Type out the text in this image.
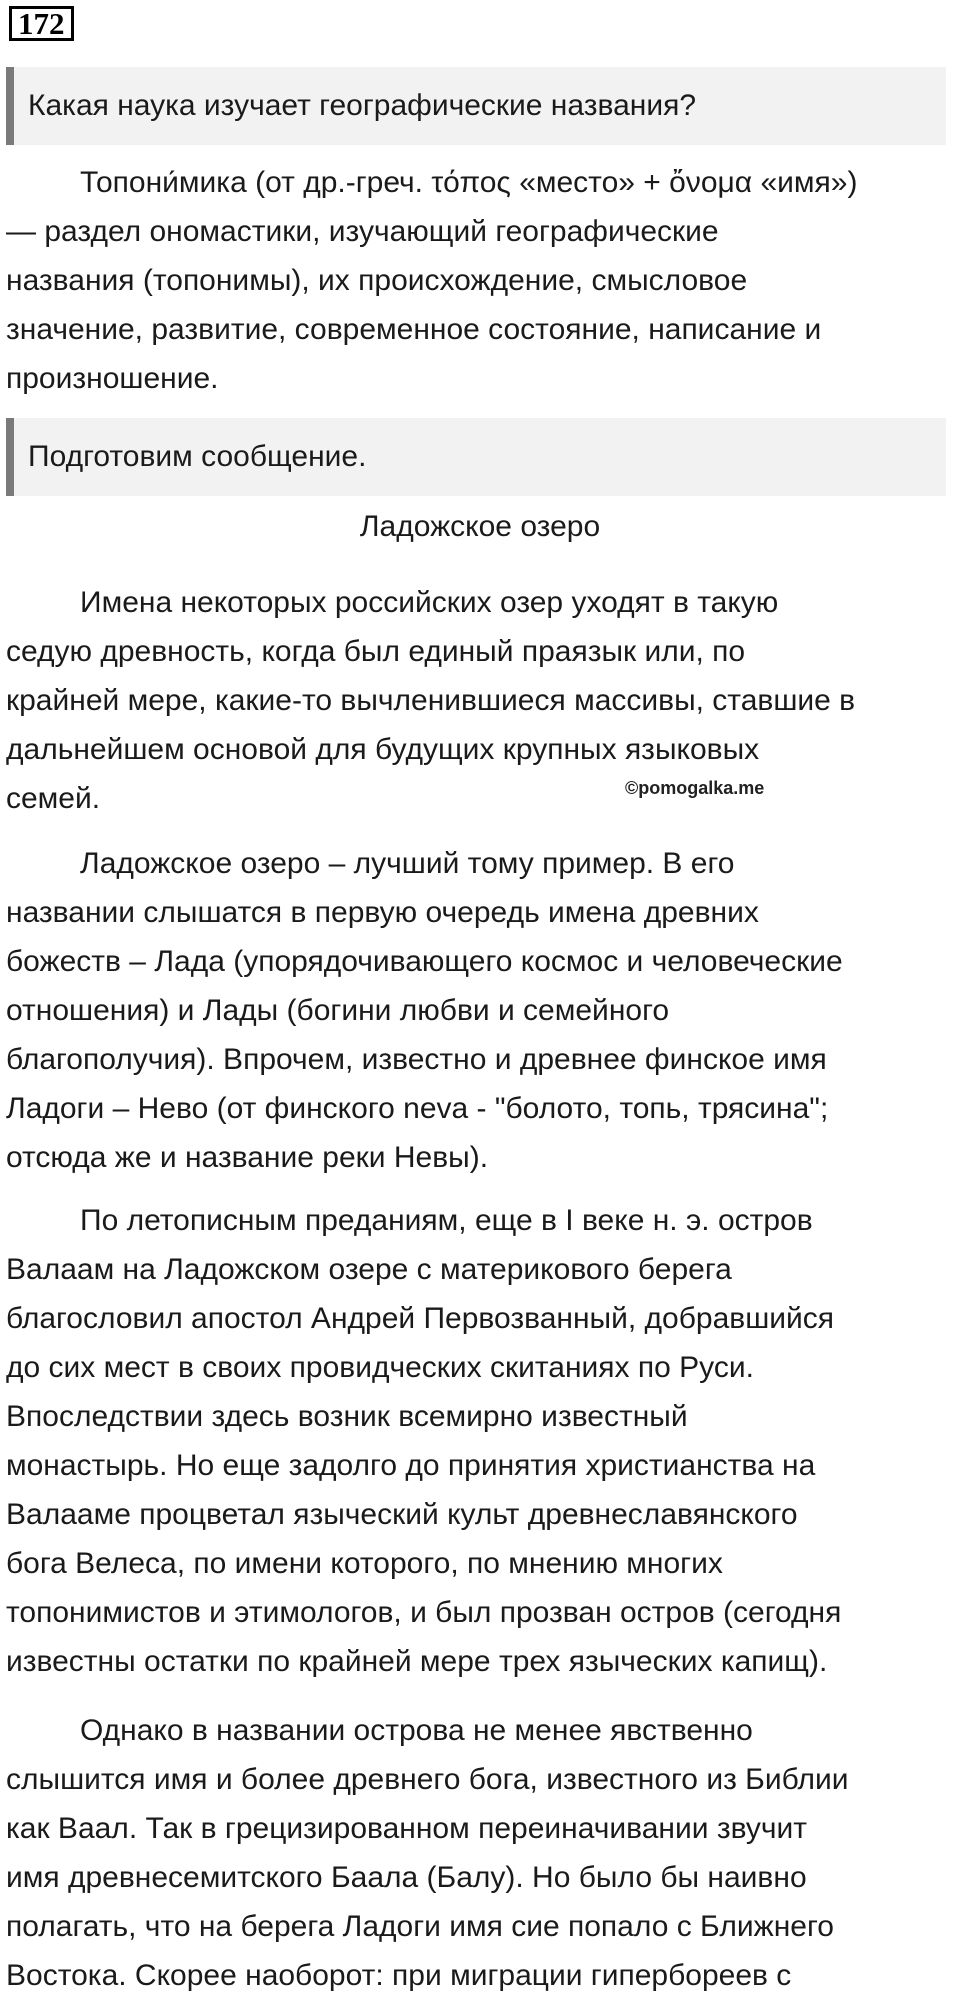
172
Какая наука изучает географические названия?
Топони́мика (от др.-греч. τόπος «место» + ὄνομα «имя»)
— раздел ономастики, изучающий географические
названия (топонимы), их происхождение, смысловое
значение, развитие, современное состояние, написание и
произношение.
Подготовим сообщение.
Ладожское озеро
Имена некоторых российских озер уходят в такую
седую древность, когда был единый праязык или, по
крайней мере, какие-то вычленившиеся массивы, ставшие в
дальнейшем основой для будущих крупных языковых
семей.	©pomogalka.me
Ладожское озеро – лучший тому пример. В его
названии слышатся в первую очередь имена древних
божеств – Лада (упорядочивающего космос и человеческие
отношения) и Лады (богини любви и семейного
благополучия). Впрочем, известно и древнее финское имя
Ладоги – Нево (от финского neva - "болото, топь, трясина";
отсюда же и название реки Невы).
По летописным преданиям, еще в I веке н. э. остров
Валаам на Ладожском озере с материкового берега
благословил апостол Андрей Первозванный, добравшийся
до сих мест в своих провидческих скитаниях по Руси.
Впоследствии здесь возник всемирно известный
монастырь. Но еще задолго до принятия христианства на
Валааме процветал языческий культ древнеславянского
бога Велеса, по имени которого, по мнению многих
топонимистов и этимологов, и был прозван остров (сегодня
известны остатки по крайней мере трех языческих капищ).
Однако в названии острова не менее явственно
слышится имя и более древнего бога, известного из Библии
как Ваал. Так в грецизированном переиначивании звучит
имя древнесемитского Баала (Балу). Но было бы наивно
полагать, что на берега Ладоги имя сие попало с Ближнего
Востока. Скорее наоборот: при миграции гипербореев с
